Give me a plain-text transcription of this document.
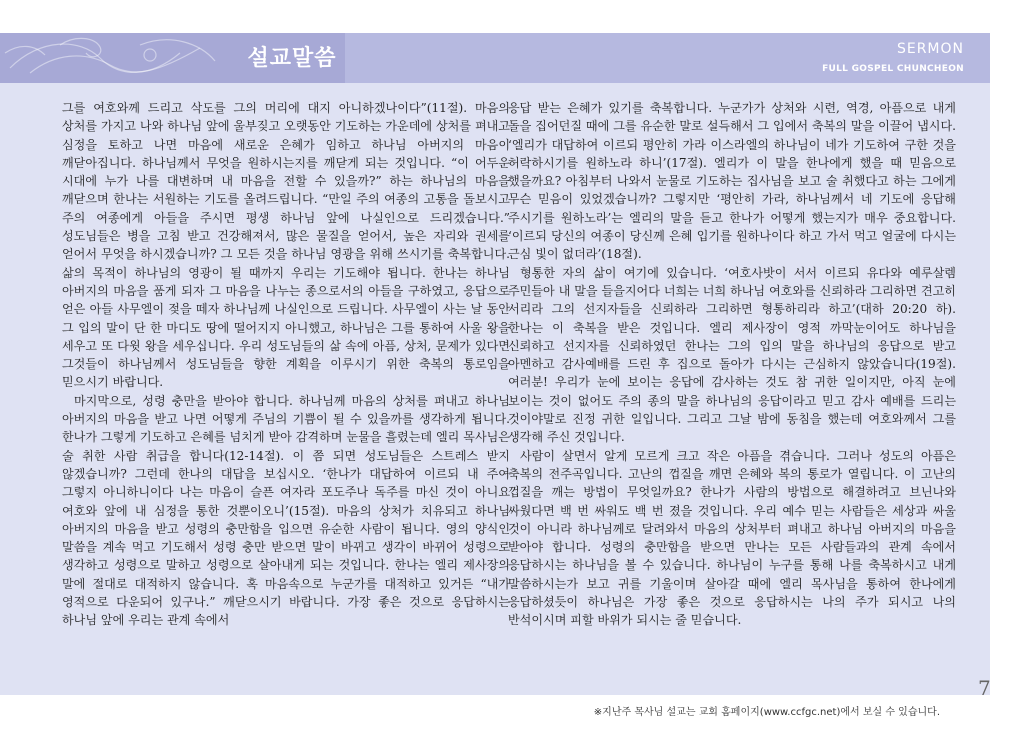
설교말씀	SERMON
FULL GOSPEL CHUNCHEON

그를 여호와께 드리고 삭도를 그의 머리에 대지 아니하겠나이다”(11절). 마음의 상처를 가지고 나와 하나님 앞에 울부짖고 오랫동안 기도하는 가운데에 상처를 펴내고 심정을 토하고 나면 마음에 새로운 은혜가 임하고 하나님 아버지의 마음이 깨닫아집니다. 하나님께서 무엇을 원하시는지를 깨닫게 되는 것입니다. “이 어두운 시대에 누가 나를 대변하며 내 마음을 전할 수 있을까?” 하는 하나님의 마음을 깨닫으며 한나는 서원하는 기도를 올려드립니다. “만일 주의 여종의 고통을 돌보시고 주의 여종에게 아들을 주시면 평생 하나님 앞에 나실인으로 드리겠습니다.” 성도님들은 병을 고침 받고 건강해져서, 많은 물질을 얻어서, 높은 자리와 권세를 얻어서 무엇을 하시겠습니까? 그 모든 것을 하나님 영광을 위해 쓰시기를 축복합니다. 삶의 목적이 하나님의 영광이 될 때까지 우리는 기도해야 됩니다. 한나는 하나님 아버지의 마음을 품게 되자 그 마음을 나누는 종으로서의 아들을 구하였고, 응답으로 얻은 아들 사무엘이 젖을 떼자 하나님께 나실인으로 드립니다. 사무엘이 사는 날 동안 그 입의 말이 단 한 마디도 땅에 떨어지지 아니했고, 하나님은 그를 통하여 사울 왕을 세우고 또 다윗 왕을 세우십니다. 우리 성도님들의 삶 속에 아픔, 상처, 문제가 있다면 그것들이 하나님께서 성도님들을 향한 계획을 이루시기 위한 축복의 통로임을 믿으시기 바랍니다.

마지막으로, 성령 충만을 받아야 합니다. 하나님께 마음의 상처를 펴내고 하나님 아버지의 마음을 받고 나면 어떻게 주님의 기쁨이 될 수 있을까를 생각하게 됩니다. 한나가 그렇게 기도하고 은혜를 넘치게 받아 감격하며 눈물을 흘렸는데 엘리 목사님은 술 취한 사람 취급을 합니다(12-14절). 이 쯤 되면 성도님들은 스트레스 받지 않겠습니까? 그런데 한나의 대답을 보십시오. ‘한나가 대답하여 이르되 내 주여 그렇지 아니하니이다 나는 마음이 슬픈 여자라 포도주나 독주를 마신 것이 아니요 여호와 앞에 내 심정을 통한 것뿐이오니’(15절). 마음의 상처가 치유되고 하나님 아버지의 마음을 받고 성령의 충만함을 입으면 유순한 사람이 됩니다. 영의 양식인 말씀을 계속 먹고 기도해서 성령 충만 받으면 말이 바뀌고 생각이 바뀌어 성령으로 생각하고 성령으로 말하고 성령으로 살아내게 되는 것입니다. 한나는 엘리 제사장의 말에 절대로 대적하지 않습니다. 혹 마음속으로 누군가를 대적하고 있거든 “내가 영적으로 다운되어 있구나.” 깨닫으시기 바랍니다. 가장 좋은 것으로 응답하시는 하나님 앞에 우리는 관계 속에서

응답 받는 은혜가 있기를 축복합니다. 누군가가 상처와 시련, 역경, 아픔으로 내게 돌을 집어던질 때에 그를 유순한 말로 설득해서 그 입에서 축복의 말을 이끌어 냅시다. ‘엘리가 대답하여 이르되 평안히 가라 이스라엘의 하나님이 네가 기도하여 구한 것을 허락하시기를 원하노라 하니’(17절). 엘리가 이 말을 한나에게 했을 때 믿음으로 했을까요? 아침부터 나와서 눈물로 기도하는 집사님을 보고 술 취했다고 하는 그에게 무슨 믿음이 있었겠습니까? 그렇지만 ‘평안히 가라, 하나님께서 네 기도에 응답해 주시기를 원하노라’는 엘리의 말을 듣고 한나가 어떻게 했는지가 매우 중요합니다. ‘이르되 당신의 여종이 당신께 은혜 입기를 원하나이다 하고 가서 먹고 얼굴에 다시는 근심 빛이 없더라’(18절).

형통한 자의 삶이 여기에 있습니다. ‘여호사밧이 서서 이르되 유다와 예루살렘 주민들아 내 말을 들을지어다 너희는 너희 하나님 여호와를 신뢰하라 그리하면 견고히 서리라 그의 선지자들을 신뢰하라 그리하면 형통하리라 하고’(대하 20:20 하). 한나는 이 축복을 받은 것입니다. 엘리 제사장이 영적 까막눈이어도 하나님을 신뢰하고 선지자를 신뢰하였던 한나는 그의 입의 말을 하나님의 응답으로 받고 아멘하고 감사예배를 드린 후 집으로 돌아가 다시는 근심하지 않았습니다(19절). 여러분! 우리가 눈에 보이는 응답에 감사하는 것도 참 귀한 일이지만, 아직 눈에 보이는 것이 없어도 주의 종의 말을 하나님의 응답이라고 믿고 감사 예배를 드리는 것이야말로 진정 귀한 일입니다. 그리고 그날 밤에 동침을 했는데 여호와께서 그를 생각해 주신 것입니다.

사람이 살면서 알게 모르게 크고 작은 아픔을 겪습니다. 그러나 성도의 아픔은 축복의 전주곡입니다. 고난의 껍질을 깨면 은혜와 복의 통로가 열립니다. 이 고난의 껍질을 깨는 방법이 무엇일까요? 한나가 사람의 방법으로 해결하려고 브닌나와 싸웠다면 백 번 싸워도 백 번 졌을 것입니다. 우리 예수 믿는 사람들은 세상과 싸울 것이 아니라 하나님께로 달려와서 마음의 상처부터 펴내고 하나님 아버지의 마음을 받아야 합니다. 성령의 충만함을 받으면 만나는 모든 사람들과의 관계 속에서 응답하시는 하나님을 볼 수 있습니다. 하나님이 누구를 통해 나를 축복하시고 내게 말씀하시는가 보고 귀를 기울이며 살아갈 때에 엘리 목사님을 통하여 한나에게 응답하셨듯이 하나님은 가장 좋은 것으로 응답하시는 나의 주가 되시고 나의 반석이시며 피할 바위가 되시는 줄 믿습니다.

7
※지난주 목사님 설교는 교회 홈페이지(www.ccfgc.net)에서 보실 수 있습니다.
